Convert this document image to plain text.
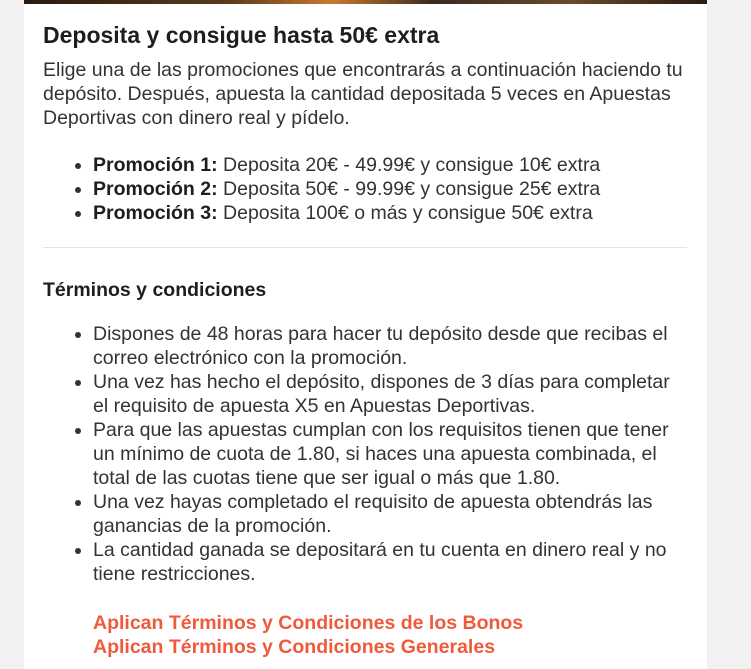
Deposita y consigue hasta 50€ extra

Elige una de las promociones que encontrarás a continuación haciendo tu depósito. Después, apuesta la cantidad depositada 5 veces en Apuestas Deportivas con dinero real y pídelo.

• Promoción 1: Deposita 20€ - 49.99€ y consigue 10€ extra
• Promoción 2: Deposita 50€ - 99.99€ y consigue 25€ extra
• Promoción 3: Deposita 100€ o más y consigue 50€ extra
Términos y condiciones
• Dispones de 48 horas para hacer tu depósito desde que recibas el correo electrónico con la promoción.
• Una vez has hecho el depósito, dispones de 3 días para completar el requisito de apuesta X5 en Apuestas Deportivas.
• Para que las apuestas cumplan con los requisitos tienen que tener un mínimo de cuota de 1.80, si haces una apuesta combinada, el total de las cuotas tiene que ser igual o más que 1.80.
• Una vez hayas completado el requisito de apuesta obtendrás las ganancias de la promoción.
• La cantidad ganada se depositará en tu cuenta en dinero real y no tiene restricciones.
Aplican Términos y Condiciones de los Bonos
Aplican Términos y Condiciones Generales
